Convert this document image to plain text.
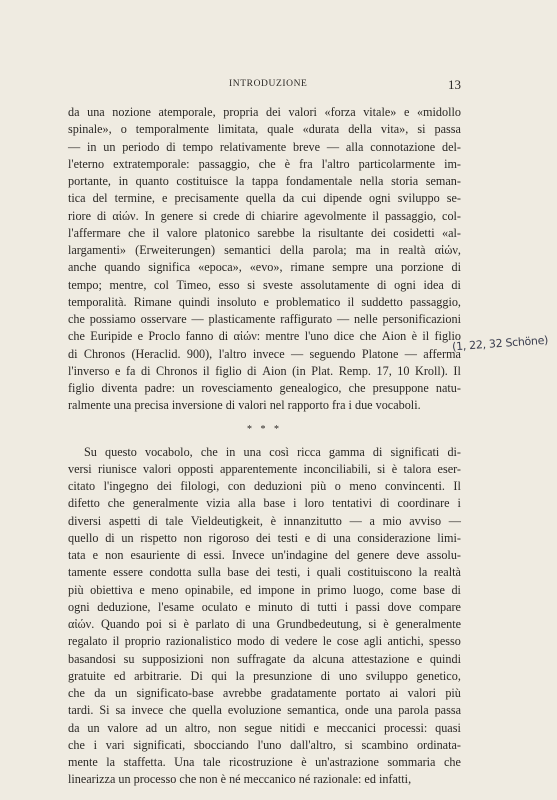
INTRODUZIONE	13
da una nozione atemporale, propria dei valori «forza vitale» e «midollo
spinale», o temporalmente limitata, quale «durata della vita», si passa
— in un periodo di tempo relativamente breve — alla connotazione del-
l'eterno extratemporale: passaggio, che è fra l'altro particolarmente im-
portante, in quanto costituisce la tappa fondamentale nella storia seman-
tica del termine, e precisamente quella da cui dipende ogni sviluppo se-
riore di αἰών. In genere si crede di chiarire agevolmente il passaggio, col-
l'affermare che il valore platonico sarebbe la risultante dei cosidetti «al-
largamenti» (Erweiterungen) semantici della parola; ma in realtà αἰών,
anche quando significa «epoca», «evo», rimane sempre una porzione di
tempo; mentre, col Timeo, esso si sveste assolutamente di ogni idea di
temporalità. Rimane quindi insoluto e problematico il suddetto passaggio,
che possiamo osservare — plasticamente raffigurato — nelle personificazioni
che Euripide e Proclo fanno di αἰών: mentre l'uno dice che Aion è il figlio
di Chronos (Heraclid. 900), l'altro invece — seguendo Platone — afferma
l'inverso e fa di Chronos il figlio di Aion (in Plat. Remp. 17, 10 Kroll). Il
figlio diventa padre: un rovesciamento genealogico, che presuppone natu-
ralmente una precisa inversione di valori nel rapporto fra i due vocaboli.
* * *
Su questo vocabolo, che in una così ricca gamma di significati di-
versi riunisce valori opposti apparentemente inconciliabili, si è talora eser-
citato l'ingegno dei filologi, con deduzioni più o meno convincenti. Il
difetto che generalmente vizia alla base i loro tentativi di coordinare i
diversi aspetti di tale Vieldeutigkeit, è innanzitutto — a mio avviso —
quello di un rispetto non rigoroso dei testi e di una considerazione limi-
tata e non esauriente di essi. Invece un'indagine del genere deve assolu-
tamente essere condotta sulla base dei testi, i quali costituiscono la realtà
più obiettiva e meno opinabile, ed impone in primo luogo, come base di
ogni deduzione, l'esame oculato e minuto di tutti i passi dove compare
αἰών. Quando poi si è parlato di una Grundbedeutung, si è generalmente
regalato il proprio razionalistico modo di vedere le cose agli antichi, spesso
basandosi su supposizioni non suffragate da alcuna attestazione e quindi
gratuite ed arbitrarie. Di qui la presunzione di uno sviluppo genetico,
che da un significato-base avrebbe gradatamente portato ai valori più
tardi. Si sa invece che quella evoluzione semantica, onde una parola passa
da un valore ad un altro, non segue nitidi e meccanici processi: quasi
che i vari significati, sbocciando l'uno dall'altro, si scambino ordinata-
mente la staffetta. Una tale ricostruzione è un'astrazione sommaria che
linearizza un processo che non è né meccanico né razionale: ed infatti,
(1, 22, 32 Schöne)
